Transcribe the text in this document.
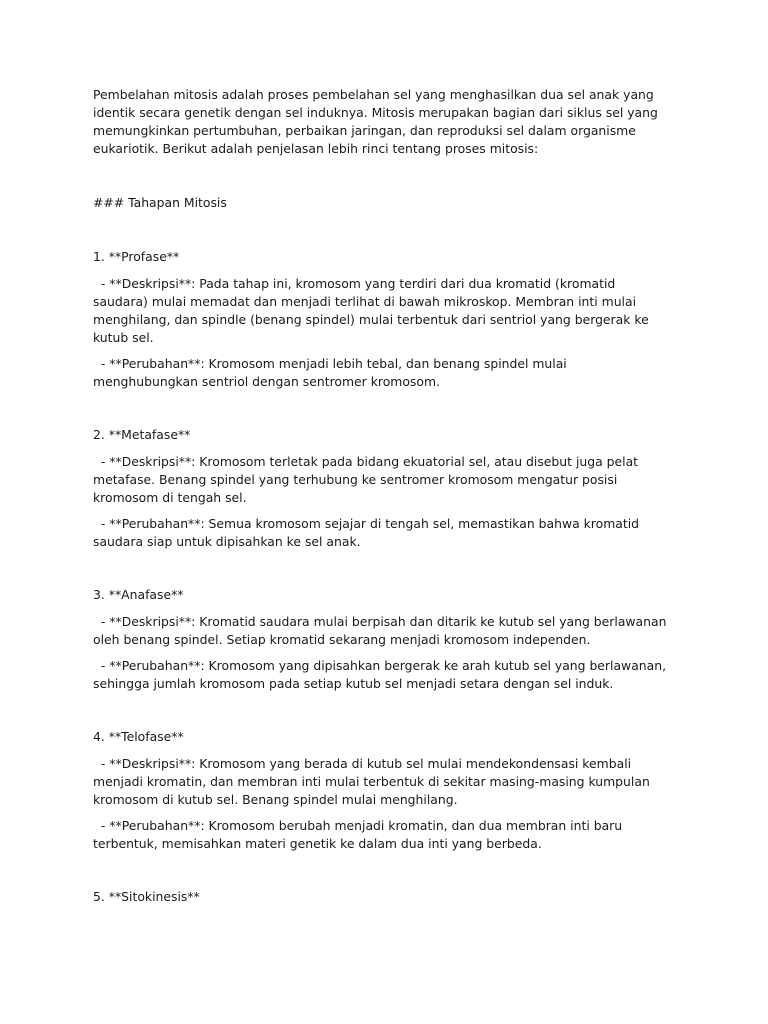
Pembelahan mitosis adalah proses pembelahan sel yang menghasilkan dua sel anak yang identik secara genetik dengan sel induknya. Mitosis merupakan bagian dari siklus sel yang memungkinkan pertumbuhan, perbaikan jaringan, dan reproduksi sel dalam organisme eukariotik. Berikut adalah penjelasan lebih rinci tentang proses mitosis:

### Tahapan Mitosis

1. **Profase**

- **Deskripsi**: Pada tahap ini, kromosom yang terdiri dari dua kromatid (kromatid saudara) mulai memadat dan menjadi terlihat di bawah mikroskop. Membran inti mulai menghilang, dan spindle (benang spindel) mulai terbentuk dari sentriol yang bergerak ke kutub sel.

- **Perubahan**: Kromosom menjadi lebih tebal, dan benang spindel mulai menghubungkan sentriol dengan sentromer kromosom.

2. **Metafase**

- **Deskripsi**: Kromosom terletak pada bidang ekuatorial sel, atau disebut juga pelat metafase. Benang spindel yang terhubung ke sentromer kromosom mengatur posisi kromosom di tengah sel.

- **Perubahan**: Semua kromosom sejajar di tengah sel, memastikan bahwa kromatid saudara siap untuk dipisahkan ke sel anak.

3. **Anafase**

- **Deskripsi**: Kromatid saudara mulai berpisah dan ditarik ke kutub sel yang berlawanan oleh benang spindel. Setiap kromatid sekarang menjadi kromosom independen.

- **Perubahan**: Kromosom yang dipisahkan bergerak ke arah kutub sel yang berlawanan, sehingga jumlah kromosom pada setiap kutub sel menjadi setara dengan sel induk.

4. **Telofase**

- **Deskripsi**: Kromosom yang berada di kutub sel mulai mendekondensasi kembali menjadi kromatin, dan membran inti mulai terbentuk di sekitar masing-masing kumpulan kromosom di kutub sel. Benang spindel mulai menghilang.

- **Perubahan**: Kromosom berubah menjadi kromatin, dan dua membran inti baru terbentuk, memisahkan materi genetik ke dalam dua inti yang berbeda.

5. **Sitokinesis**
